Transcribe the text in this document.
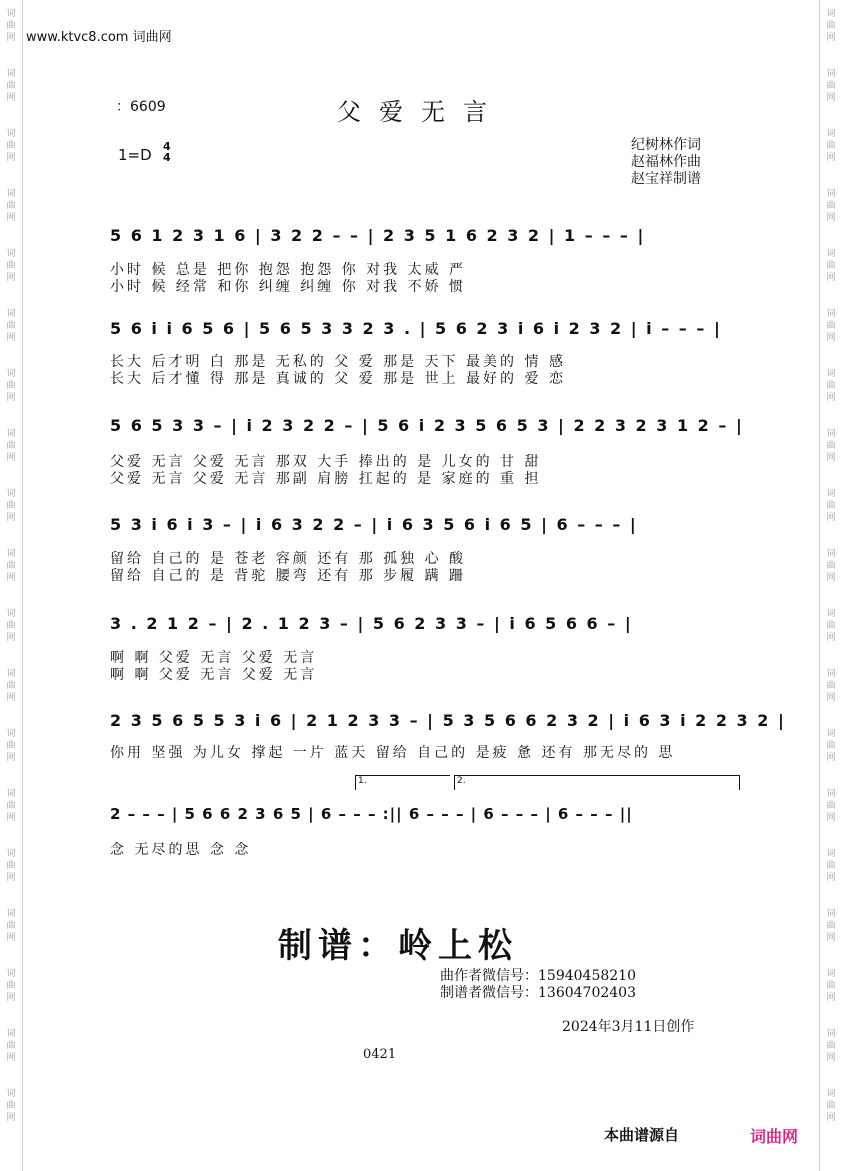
词
曲
网
词
曲
网
词
曲
网
词
曲
网
词
曲
网
词
曲
网
词
曲
网
词
曲
网
词
曲
网
词
曲
网
词
曲
网
词
曲
网
词
曲
网
词
曲
网
词
曲
网
词
曲
网
词
曲
网
词
曲
网
词
曲
网
词
曲
网
词
曲
网
词
曲
网
词
曲
网
词
曲
网
词
曲
网
词
曲
网
词
曲
网
词
曲
网
词
曲
网
词
曲
网
词
曲
网
词
曲
网
词
曲
网
词
曲
网
词
曲
网
词
曲
网
词
曲
网
词
曲
网
www.ktvc8.com 词曲网
：6609	父爱无言
1=D 4
4
纪树林作词
赵福林作曲
赵宝祥制谱
5 6 1 2 3 1 6 | 3 2 2 – – | 2 3 5 1 6 2 3 2 | 1 – – – |
小时 候 总是 把你 抱怨 抱怨 你 对我 太威 严
小时 候 经常 和你 纠缠 纠缠 你 对我 不娇 惯
5 6 i i 6 5 6 | 5 6 5 3 3 2 3 . | 5 6 2 3 i 6 i 2 3 2 | i – – – |
长大 后才明 白 那是 无私的 父 爱 那是 天下 最美的 情 感
长大 后才懂 得 那是 真诚的 父 爱 那是 世上 最好的 爱 恋
5 6 5 3 3 – | i 2 3 2 2 – | 5 6 i 2 3 5 6 5 3 | 2 2 3 2 3 1 2 – |
父爱 无言 父爱 无言 那双 大手 捧出的 是 儿女的 甘 甜
父爱 无言 父爱 无言 那副 肩膀 扛起的 是 家庭的 重 担
5 3 i 6 i 3 – | i 6 3 2 2 – | i 6 3 5 6 i 6 5 | 6 – – – |
留给 自己的 是 苍老 容颜 还有 那 孤独 心 酸
留给 自己的 是 背驼 腰弯 还有 那 步履 蹒 跚
3 . 2 1 2 – | 2 . 1 2 3 – | 5 6 2 3 3 – | i 6 5 6 6 – |
啊 啊 父爱 无言 父爱 无言
啊 啊 父爱 无言 父爱 无言
2 3 5 6 5 5 3 i 6 | 2 1 2 3 3 – | 5 3 5 6 6 2 3 2 | i 6 3 i 2 2 3 2 |
你用 坚强 为儿女 撑起 一片 蓝天 留给 自己的 是疲 惫 还有 那无尽的 思
1.	2.
2 – – – | 5 6 6 2 3 6 5 | 6 – – – :|| 6 – – – | 6 – – – | 6 – – – ||
念 无尽的思 念 念
制谱：岭上松
曲作者微信号：15940458210
制谱者微信号：13604702403
2024年3月11日创作
0421
本曲谱源自	词曲网
